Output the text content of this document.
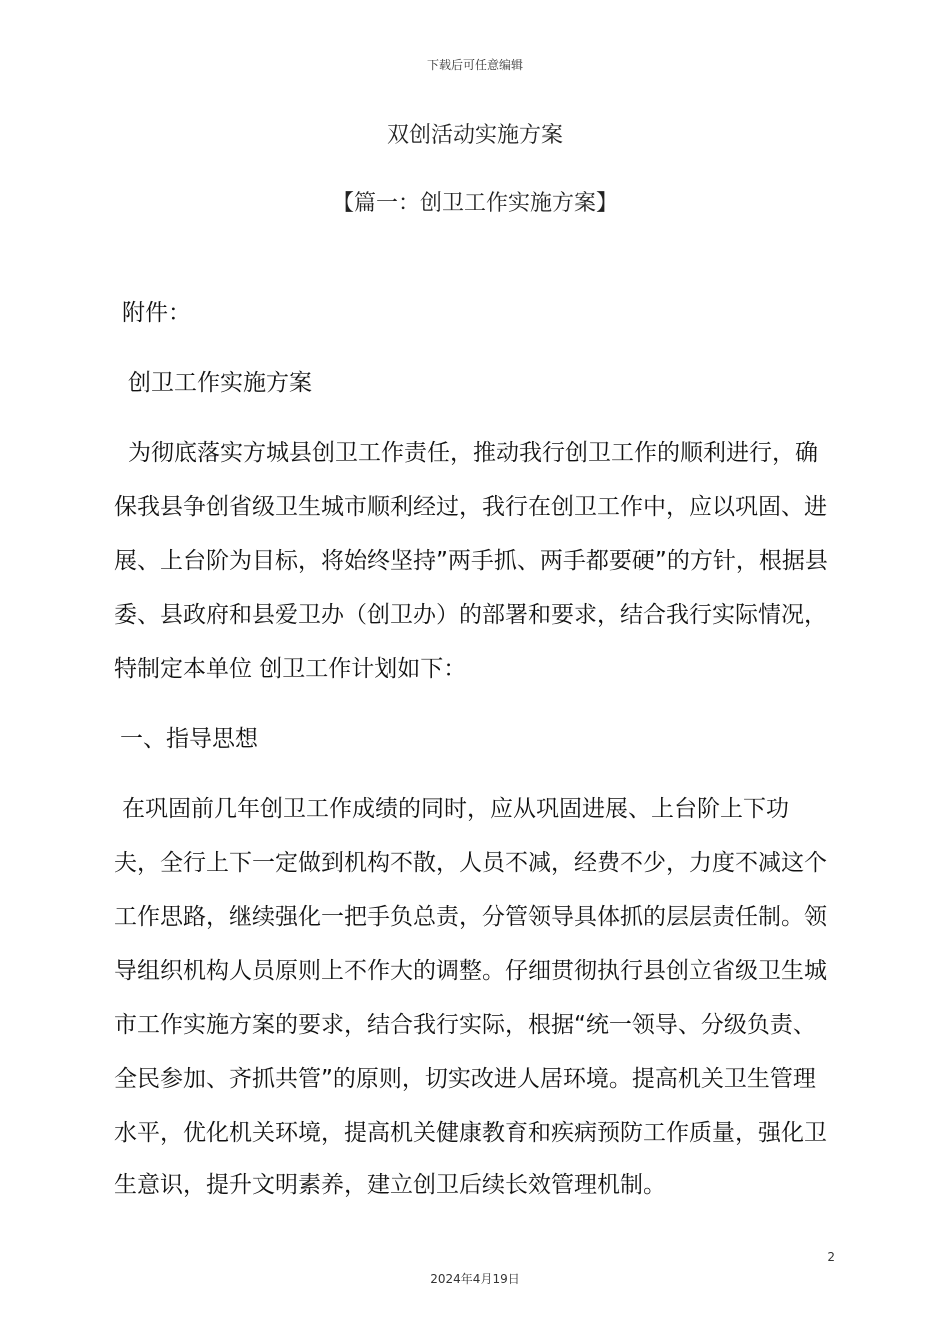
下载后可任意编辑
双创活动实施方案
【篇一：创卫工作实施方案】
附件：
创卫工作实施方案
为彻底落实方城县创卫工作责任，推动我行创卫工作的顺利进行，确
保我县争创省级卫生城市顺利经过，我行在创卫工作中，应以巩固、进
展、上台阶为目标，将始终坚持”两手抓、两手都要硬”的方针，根据县
委、县政府和县爱卫办（创卫办）的部署和要求，结合我行实际情况，
特制定本单位 创卫工作计划如下：
一、指导思想
在巩固前几年创卫工作成绩的同时，应从巩固进展、上台阶上下功
夫，全行上下一定做到机构不散，人员不减，经费不少，力度不减这个
工作思路，继续强化一把手负总责，分管领导具体抓的层层责任制。领
导组织机构人员原则上不作大的调整。仔细贯彻执行县创立省级卫生城
市工作实施方案的要求，结合我行实际，根据“统一领导、分级负责、
全民参加、齐抓共管”的原则，切实改进人居环境。提高机关卫生管理
水平，优化机关环境，提高机关健康教育和疾病预防工作质量，强化卫
生意识，提升文明素养，建立创卫后续长效管理机制。
2
2024年4月19日
